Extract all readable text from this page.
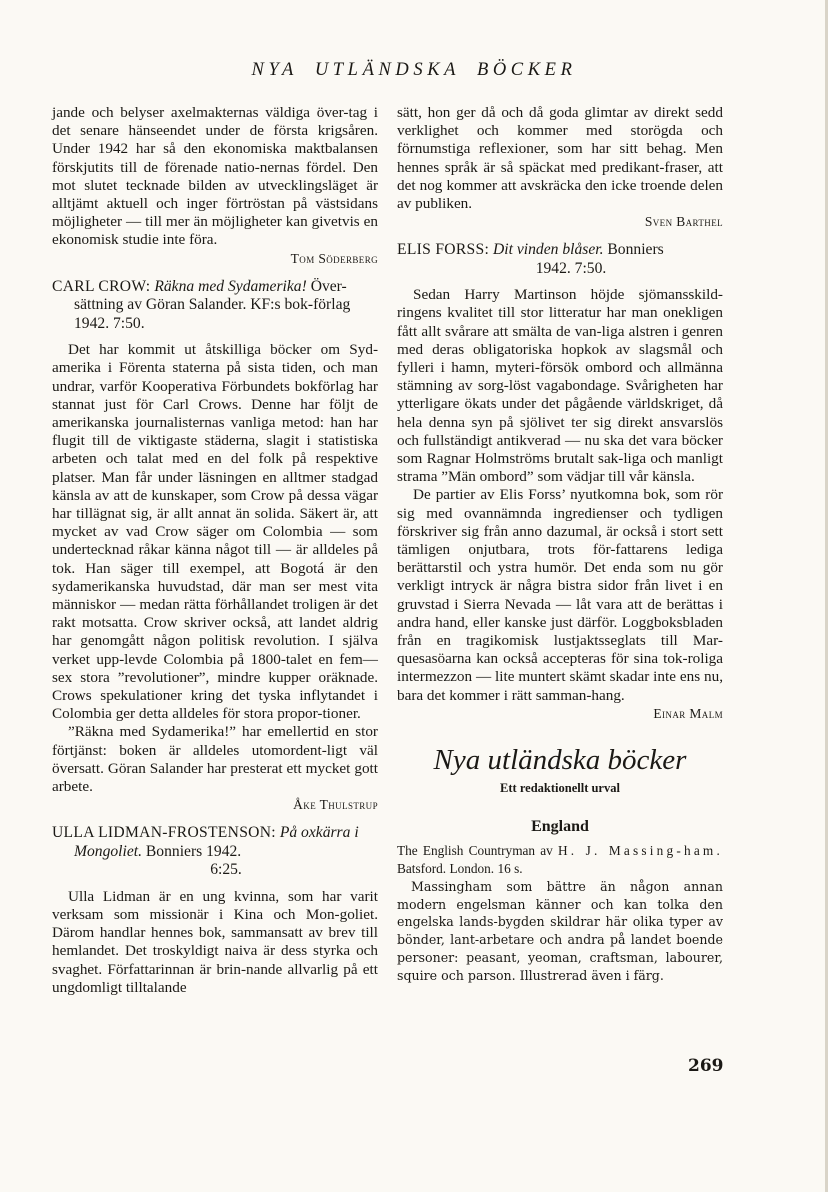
NYA UTLÄNDSKA BÖCKER

jande och belyser axelmakternas väldiga över-tag i det senare hänseendet under de första krigsåren. Under 1942 har så den ekonomiska maktbalansen förskjutits till de förenade natio-nernas fördel. Den mot slutet tecknade bilden av utvecklingsläget är alltjämt aktuell och inger förtröstan på västsidans möjligheter — till mer än möjligheter kan givetvis en ekonomisk studie inte föra.

Tom Söderberg

CARL CROW: Räkna med Sydamerika! Över-sättning av Göran Salander. KF:s bok-förlag 1942. 7:50.

Det har kommit ut åtskilliga böcker om Syd-amerika i Förenta staterna på sista tiden, och man undrar, varför Kooperativa Förbundets bokförlag har stannat just för Carl Crows. Denne har följt de amerikanska journalisternas vanliga metod: han har flugit till de viktigaste städerna, slagit i statistiska arbeten och talat med en del folk på respektive platser. Man får under läsningen en alltmer stadgad känsla av att de kunskaper, som Crow på dessa vägar har tillägnat sig, är allt annat än solida. Säkert är, att mycket av vad Crow säger om Colombia — som undertecknad råkar känna något till — är alldeles på tok. Han säger till exempel, att Bogotá är den sydamerikanska huvudstad, där man ser mest vita människor — medan rätta förhållandet troligen är det rakt motsatta. Crow skriver också, att landet aldrig har genomgått någon politisk revolution. I själva verket upp-levde Colombia på 1800-talet en fem—sex stora ”revolutioner”, mindre kupper oräknade. Crows spekulationer kring det tyska inflytandet i Colombia ger detta alldeles för stora propor-tioner.

”Räkna med Sydamerika!” har emellertid en stor förtjänst: boken är alldeles utomordent-ligt väl översatt. Göran Salander har presterat ett mycket gott arbete.

Åke Thulstrup

ULLA LIDMAN-FROSTENSON: På oxkärra i Mongoliet. Bonniers 1942.
6:25.

Ulla Lidman är en ung kvinna, som har varit verksam som missionär i Kina och Mon-goliet. Därom handlar hennes bok, sammansatt av brev till hemlandet. Det troskyldigt naiva är dess styrka och svaghet. Författarinnan är brin-nande allvarlig på ett ungdomligt tilltalande

sätt, hon ger då och då goda glimtar av direkt sedd verklighet och kommer med storögda och förnumstiga reflexioner, som har sitt behag. Men hennes språk är så späckat med predikant-fraser, att det nog kommer att avskräcka den icke troende delen av publiken.

Sven Barthel

ELIS FORSS: Dit vinden blåser. Bonniers
1942. 7:50.

Sedan Harry Martinson höjde sjömansskild-ringens kvalitet till stor litteratur har man onekligen fått allt svårare att smälta de van-liga alstren i genren med deras obligatoriska hopkok av slagsmål och fylleri i hamn, myteri-försök ombord och allmänna stämning av sorg-löst vagabondage. Svårigheten har ytterligare ökats under det pågående världskriget, då hela denna syn på sjölivet ter sig direkt ansvarslös och fullständigt antikverad — nu ska det vara böcker som Ragnar Holmströms brutalt sak-liga och manligt strama ”Män ombord” som vädjar till vår känsla.

De partier av Elis Forss’ nyutkomna bok, som rör sig med ovannämnda ingredienser och tydligen förskriver sig från anno dazumal, är också i stort sett tämligen onjutbara, trots för-fattarens lediga berättarstil och ystra humör. Det enda som nu gör verkligt intryck är några bistra sidor från livet i en gruvstad i Sierra Nevada — låt vara att de berättas i andra hand, eller kanske just därför. Loggboksbladen från en tragikomisk lustjaktsseglats till Mar-quesasöarna kan också accepteras för sina tok-roliga intermezzon — lite muntert skämt skadar inte ens nu, bara det kommer i rätt samman-hang.

Einar Malm

Nya utländska böcker
Ett redaktionellt urval
England

The English Countryman av H. J. Massing-ham. Batsford. London. 16 s.

Massingham som bättre än någon annan modern engelsman känner och kan tolka den engelska lands-bygden skildrar här olika typer av bönder, lant-arbetare och andra på landet boende personer: peasant, yeoman, craftsman, labourer, squire och parson. Illustrerad även i färg.

269
